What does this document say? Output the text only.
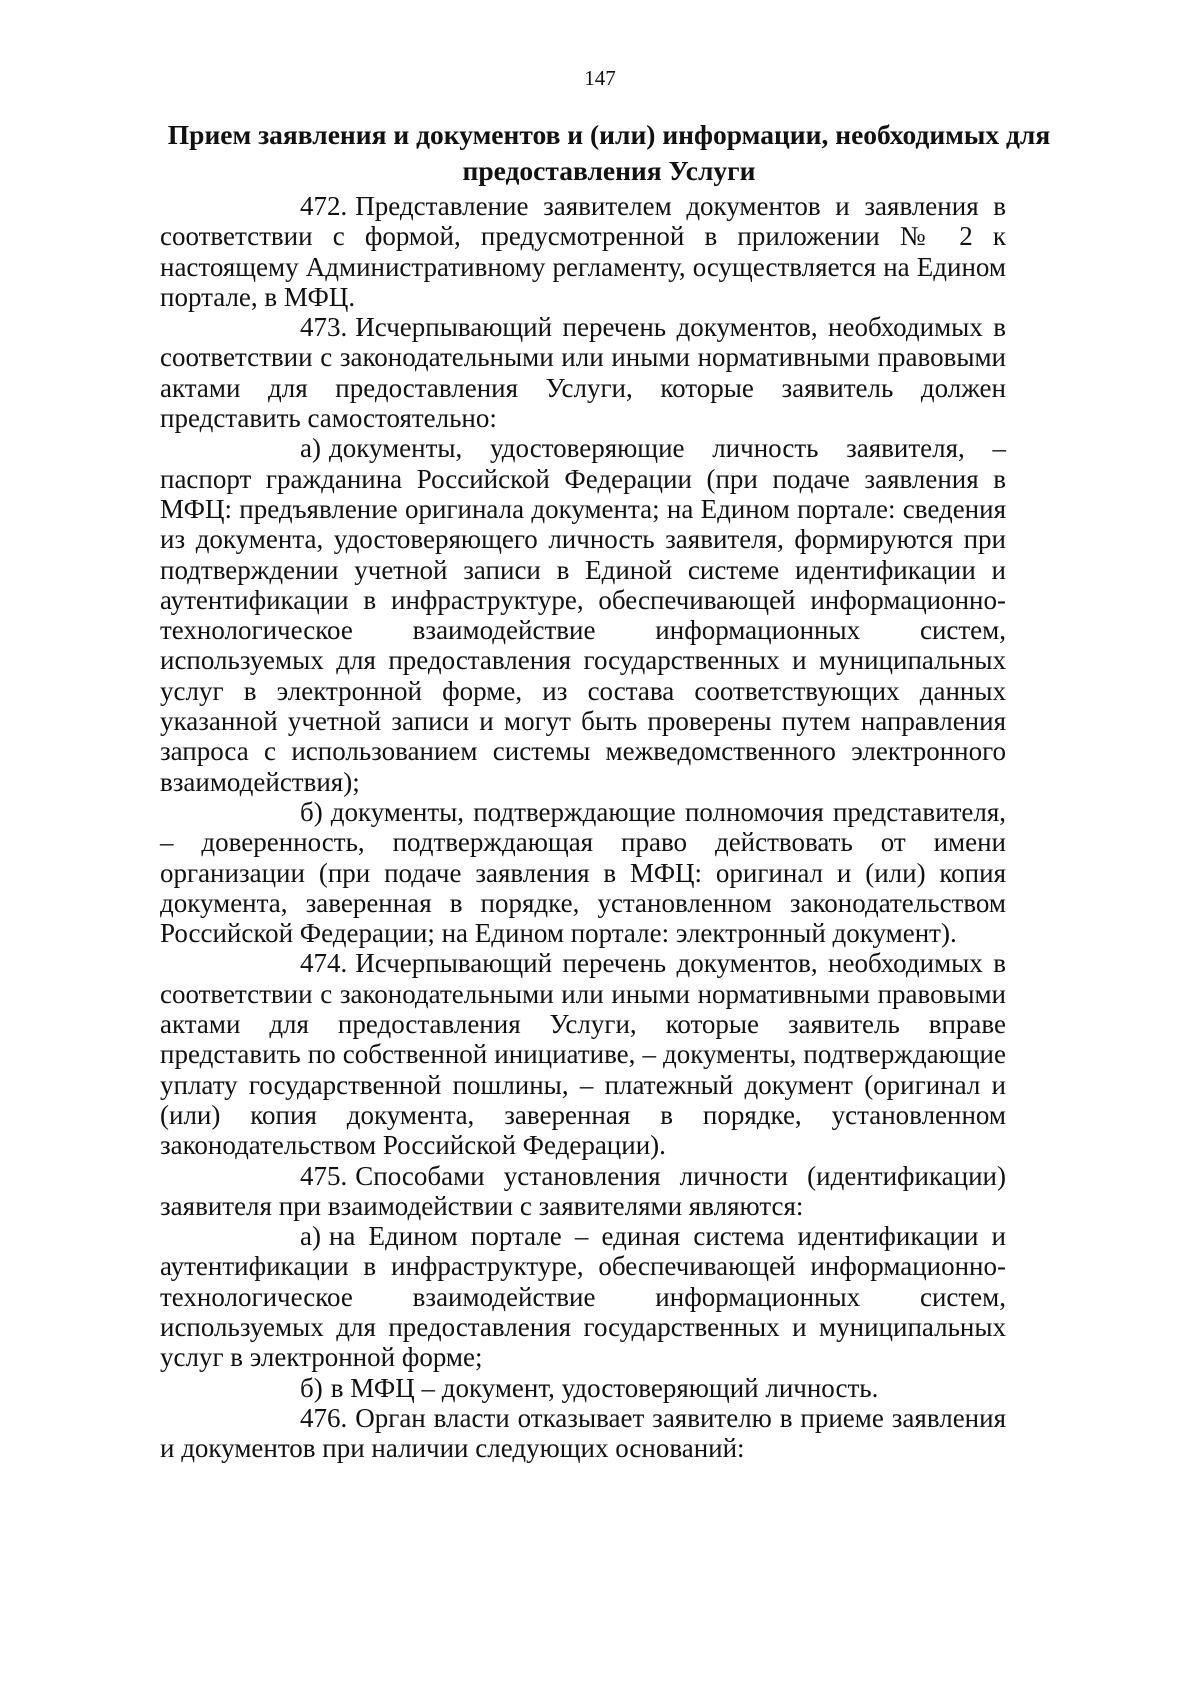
147
Прием заявления и документов и (или) информации, необходимых для предоставления Услуги

472. Представление заявителем документов и заявления в соответствии с формой, предусмотренной в приложении № 2 к настоящему Административному регламенту, осуществляется на Едином портале, в МФЦ.

473. Исчерпывающий перечень документов, необходимых в соответствии с законодательными или иными нормативными правовыми актами для предоставления Услуги, которые заявитель должен представить самостоятельно:

а) документы, удостоверяющие личность заявителя, – паспорт гражданина Российской Федерации (при подаче заявления в МФЦ: предъявление оригинала документа; на Едином портале: сведения из документа, удостоверяющего личность заявителя, формируются при подтверждении учетной записи в Единой системе идентификации и аутентификации в инфраструктуре, обеспечивающей информационно-технологическое взаимодействие информационных систем, используемых для предоставления государственных и муниципальных услуг в электронной форме, из состава соответствующих данных указанной учетной записи и могут быть проверены путем направления запроса с использованием системы межведомственного электронного взаимодействия);

б) документы, подтверждающие полномочия представителя, – доверенность, подтверждающая право действовать от имени организации (при подаче заявления в МФЦ: оригинал и (или) копия документа, заверенная в порядке, установленном законодательством Российской Федерации; на Едином портале: электронный документ).

474. Исчерпывающий перечень документов, необходимых в соответствии с законодательными или иными нормативными правовыми актами для предоставления Услуги, которые заявитель вправе представить по собственной инициативе, – документы, подтверждающие уплату государственной пошлины, – платежный документ (оригинал и (или) копия документа, заверенная в порядке, установленном законодательством Российской Федерации).

475. Способами установления личности (идентификации) заявителя при взаимодействии с заявителями являются:

а) на Едином портале – единая система идентификации и аутентификации в инфраструктуре, обеспечивающей информационно-технологическое взаимодействие информационных систем, используемых для предоставления государственных и муниципальных услуг в электронной форме;

б) в МФЦ – документ, удостоверяющий личность.

476. Орган власти отказывает заявителю в приеме заявления и документов при наличии следующих оснований:
